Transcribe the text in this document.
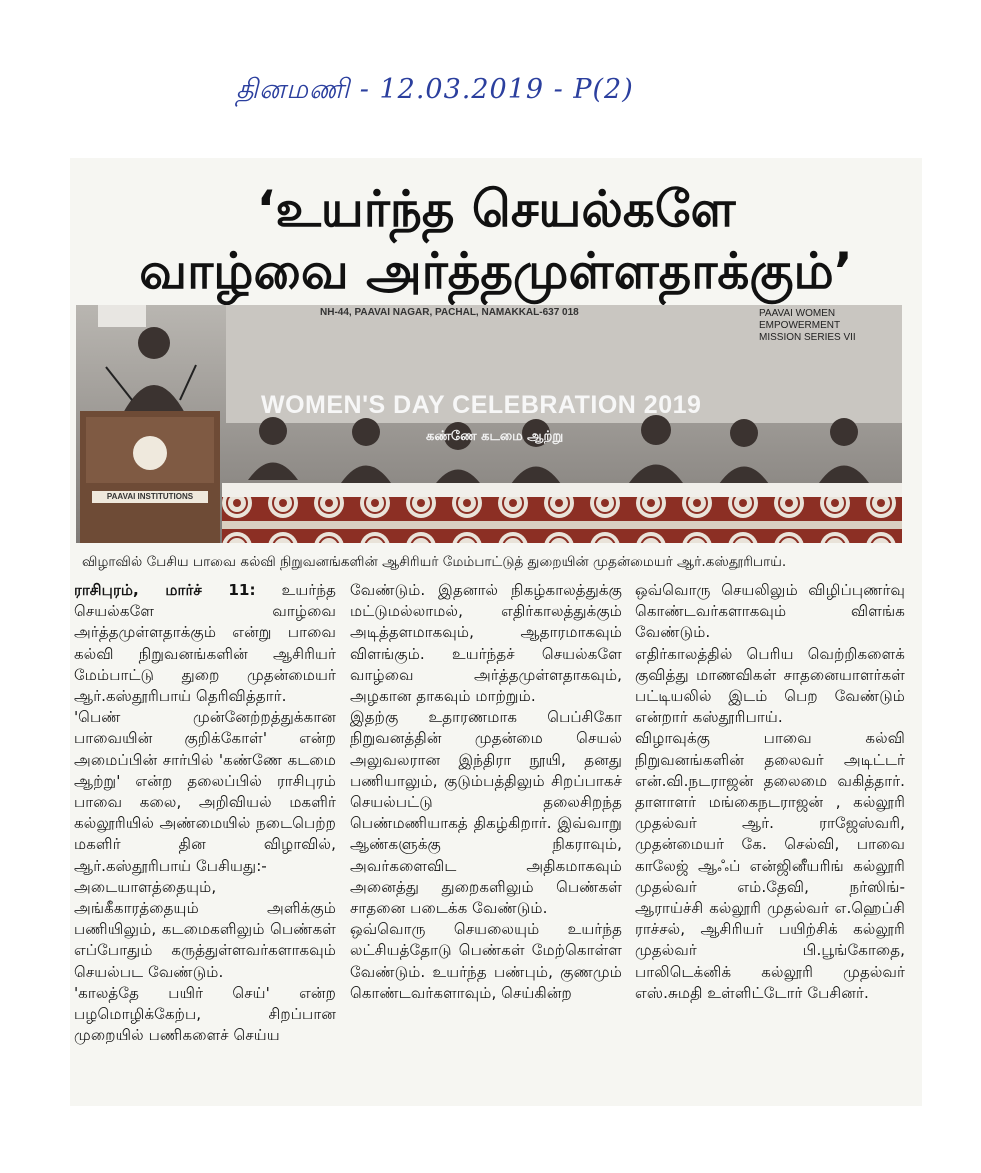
தினமணி - 12.03.2019 - P(2)
‘உயர்ந்த செயல்களே
வாழ்வை அர்த்தமுள்ளதாக்கும்’
NH-44, PAAVAI NAGAR, PACHAL, NAMAKKAL-637 018
WOMEN'S DAY CELEBRATION 2019
கண்ணே கடமை ஆற்று
PAAVAI WOMEN EMPOWERMENT MISSION SERIES VII
PAAVAI INSTITUTIONS
விழாவில் பேசிய பாவை கல்வி நிறுவனங்களின் ஆசிரியர் மேம்பாட்டுத் துறையின் முதன்மையர் ஆர்.கஸ்தூரிபாய்.

ராசிபுரம், மார்ச் 11: உயர்ந்த செயல்களே வாழ்வை அர்த்தமுள்ளதாக்கும் என்று பாவை கல்வி நிறுவனங்களின் ஆசிரியர் மேம்பாட்டு துறை முதன்மையர் ஆர்.கஸ்தூரிபாய் தெரிவித்தார்.
'பெண் முன்னேற்றத்துக்கான பாவையின் குறிக்கோள்' என்ற அமைப்பின் சார்பில் 'கண்ணே கடமை ஆற்று' என்ற தலைப்பில் ராசிபுரம் பாவை கலை, அறிவியல் மகளிர் கல்லூரியில் அண்மையில் நடைபெற்ற மகளிர் தின விழாவில், ஆர்.கஸ்தூரிபாய் பேசியது:-
அடையாளத்தையும், அங்கீகாரத்தையும் அளிக்கும் பணியிலும், கடமைகளிலும் பெண்கள் எப்போதும் கருத்துள்ளவர்களாகவும் செயல்பட வேண்டும்.
'காலத்தே பயிர் செய்' என்ற பழமொழிக்கேற்ப, சிறப்பான முறையில் பணிகளைச் செய்ய

வேண்டும். இதனால் நிகழ்காலத்துக்கு மட்டுமல்லாமல், எதிர்காலத்துக்கும் அடித்தளமாகவும், ஆதாரமாகவும் விளங்கும். உயர்ந்தச் செயல்களே வாழ்வை அர்த்தமுள்ளதாகவும், அழகான தாகவும் மாற்றும்.
இதற்கு உதாரணமாக பெப்சிகோ நிறுவனத்தின் முதன்மை செயல் அலுவலரான இந்திரா நூயி, தனது பணியாலும், குடும்பத்திலும் சிறப்பாகச் செயல்பட்டு தலைசிறந்த பெண்மணியாகத் திகழ்கிறார். இவ்வாறு ஆண்களுக்கு நிகராவும், அவர்களைவிட அதிகமாகவும் அனைத்து துறைகளிலும் பெண்கள் சாதனை படைக்க வேண்டும்.
ஒவ்வொரு செயலையும் உயர்ந்த லட்சியத்தோடு பெண்கள் மேற்கொள்ள வேண்டும். உயர்ந்த பண்பும், குணமும் கொண்டவர்களாவும், செய்கின்ற

ஒவ்வொரு செயலிலும் விழிப்புணர்வு கொண்டவர்களாகவும் விளங்க வேண்டும்.
எதிர்காலத்தில் பெரிய வெற்றிகளைக் குவித்து மாணவிகள் சாதனையாளர்கள் பட்டியலில் இடம் பெற வேண்டும் என்றார் கஸ்தூரிபாய்.
விழாவுக்கு பாவை கல்வி நிறுவனங்களின் தலைவர் அடிட்டர் என்.வி.நடராஜன் தலைமை வகித்தார். தாளாளர் மங்கைநடராஜன் , கல்லூரி முதல்வர் ஆர். ராஜேஸ்வரி, முதன்மையர் கே. செல்வி, பாவை காலேஜ் ஆஃப் என்ஜினீயரிங் கல்லூரி முதல்வர் எம்.தேவி, நர்ஸிங்- ஆராய்ச்சி கல்லூரி முதல்வர் எ.ஹெப்சி ராச்சல், ஆசிரியர் பயிற்சிக் கல்லூரி முதல்வர் பி.பூங்கோதை, பாலிடெக்னிக் கல்லூரி முதல்வர் எஸ்.சுமதி உள்ளிட்டோர் பேசினர்.
